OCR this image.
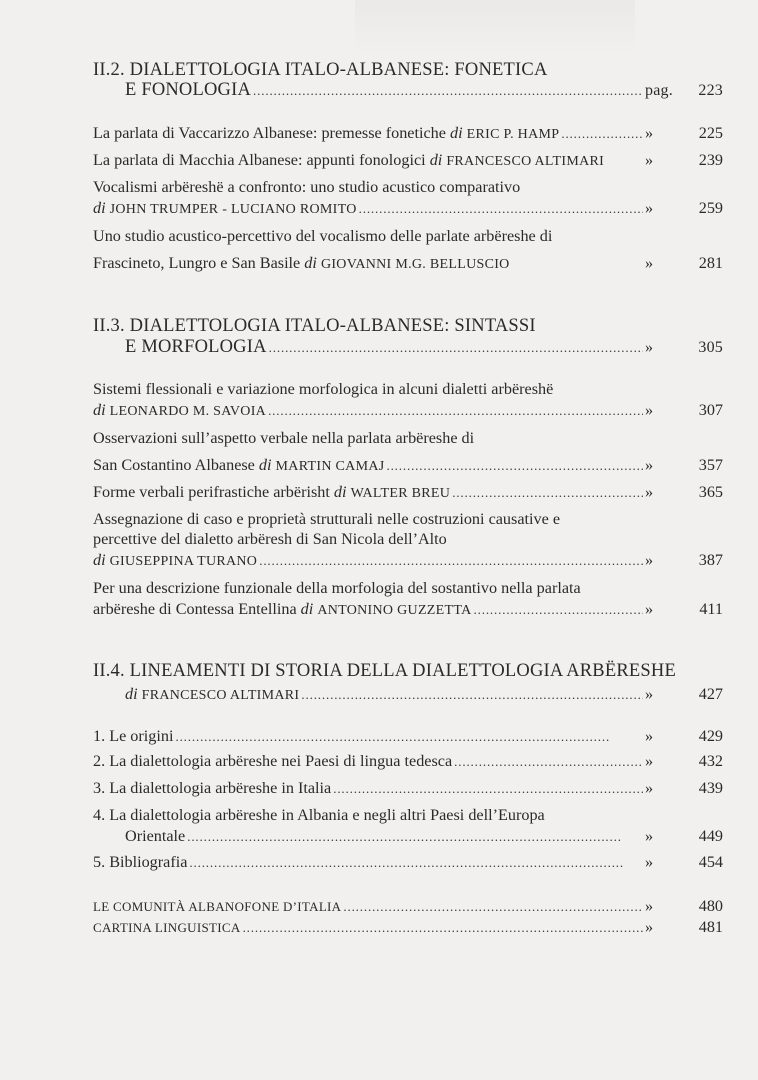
II.2. DIALETTOLOGIA ITALO-ALBANESE: FONETICA
E FONOLOGIA . . .	pag.	223
La parlata di Vaccarizzo Albanese: premesse fonetiche di ERIC P. HAMP . . .	»	225
La parlata di Macchia Albanese: appunti fonologici di FRANCESCO ALTIMARI	»	239
Vocalismi arbëreshë a confronto: uno studio acustico comparativo
di JOHN TRUMPER - LUCIANO ROMITO . . .	»	259
Uno studio acustico-percettivo del vocalismo delle parlate arbëreshe di
Frascineto, Lungro e San Basile di GIOVANNI M.G. BELLUSCIO	»	281
II.3. DIALETTOLOGIA ITALO-ALBANESE: SINTASSI
E MORFOLOGIA . . .	»	305
Sistemi flessionali e variazione morfologica in alcuni dialetti arbëreshë
di LEONARDO M. SAVOIA . . .	»	307
Osservazioni sull’aspetto verbale nella parlata arbëreshe di
San Costantino Albanese di MARTIN CAMAJ . . .	»	357
Forme verbali perifrastiche arbërisht di WALTER BREU . . .	»	365
Assegnazione di caso e proprietà strutturali nelle costruzioni causative e
percettive del dialetto arbëresh di San Nicola dell’Alto
di GIUSEPPINA TURANO . . .	»	387
Per una descrizione funzionale della morfologia del sostantivo nella parlata
arbëreshe di Contessa Entellina di ANTONINO GUZZETTA . . .	»	411
II.4. LINEAMENTI DI STORIA DELLA DIALETTOLOGIA ARBËRESHE
di FRANCESCO ALTIMARI . . .	»	427
1. Le origini . . .	»	429
2. La dialettologia arbëreshe nei Paesi di lingua tedesca . . .	»	432
3. La dialettologia arbëreshe in Italia . . .	»	439
4. La dialettologia arbëreshe in Albania e negli altri Paesi dell’Europa
Orientale . . .	»	449
5. Bibliografia . . .	»	454
LE COMUNITÀ ALBANOFONE D’ITALIA . . .	»	480
CARTINA LINGUISTICA . . .	»	481
